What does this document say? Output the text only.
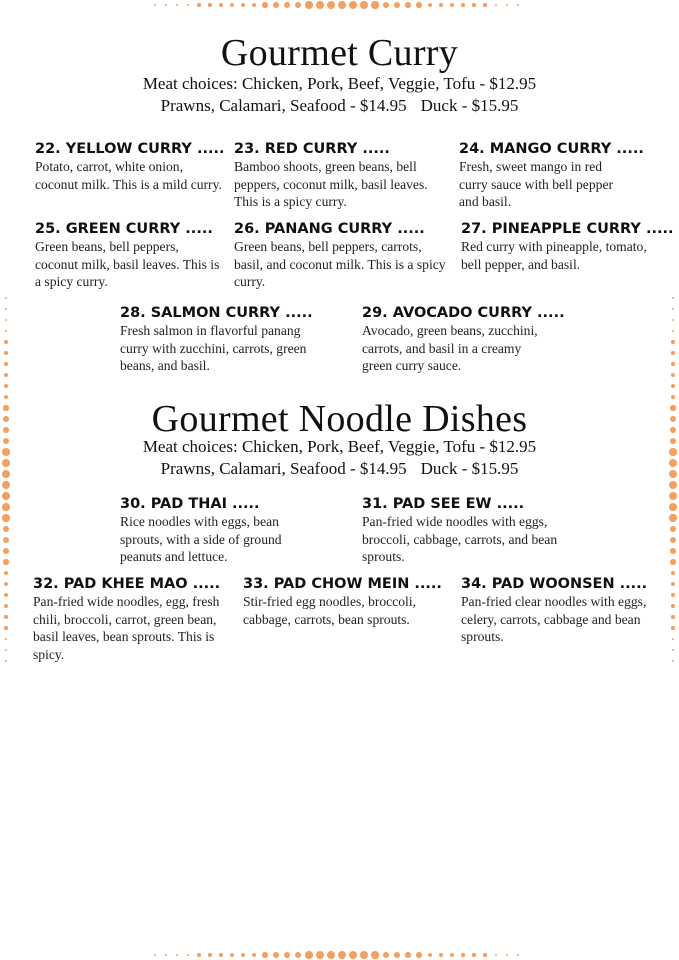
Gourmet Curry
Meat choices: Chicken, Pork, Beef, Veggie, Tofu - $12.95
Prawns, Calamari, Seafood - $14.95 Duck - $15.95
22. YELLOW CURRY .....
Potato, carrot, white onion, coconut milk. This is a mild curry.
23. RED CURRY .....
Bamboo shoots, green beans, bell peppers, coconut milk, basil leaves. This is a spicy curry.
24. MANGO CURRY .....
Fresh, sweet mango in red curry sauce with bell pepper and basil.
25. GREEN CURRY .....
Green beans, bell peppers, coconut milk, basil leaves. This is a spicy curry.
26. PANANG CURRY .....
Green beans, bell peppers, carrots, basil, and coconut milk. This is a spicy curry.
27. PINEAPPLE CURRY .....
Red curry with pineapple, tomato, bell pepper, and basil.
28. SALMON CURRY .....
Fresh salmon in flavorful panang curry with zucchini, carrots, green beans, and basil.
29. AVOCADO CURRY .....
Avocado, green beans, zucchini, carrots, and basil in a creamy green curry sauce.
Gourmet Noodle Dishes
Meat choices: Chicken, Pork, Beef, Veggie, Tofu - $12.95
Prawns, Calamari, Seafood - $14.95 Duck - $15.95
30. PAD THAI .....
Rice noodles with eggs, bean sprouts, with a side of ground peanuts and lettuce.
31. PAD SEE EW .....
Pan-fried wide noodles with eggs, broccoli, cabbage, carrots, and bean sprouts.
32. PAD KHEE MAO .....
Pan-fried wide noodles, egg, fresh chili, broccoli, carrot, green bean, basil leaves, bean sprouts. This is spicy.
33. PAD CHOW MEIN .....
Stir-fried egg noodles, broccoli, cabbage, carrots, bean sprouts.
34. PAD WOONSEN .....
Pan-fried clear noodles with eggs, celery, carrots, cabbage and bean sprouts.
